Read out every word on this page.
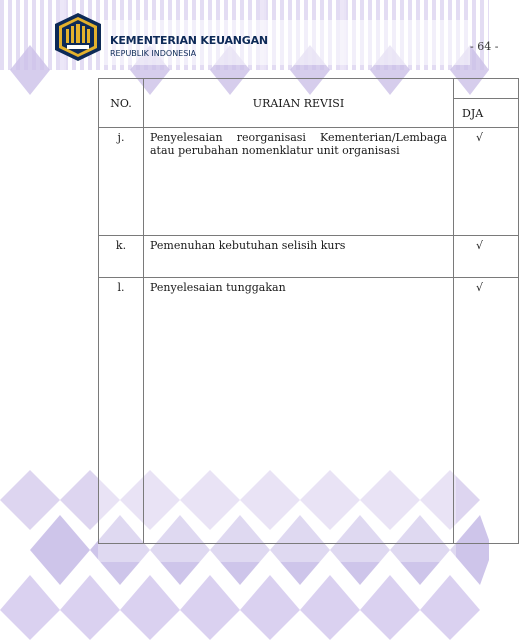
KEMENTERIAN KEUANGAN
REPUBLIK INDONESIA
- 64 -
NO.	URAIAN REVISI	
		DJA
j.	Penyelesaian reorganisasi Kementerian/Lembaga atau perubahan nomenklatur unit organisasi	√
k.	Pemenuhan kebutuhan selisih kurs	√
l.	Penyelesaian tunggakan	√
